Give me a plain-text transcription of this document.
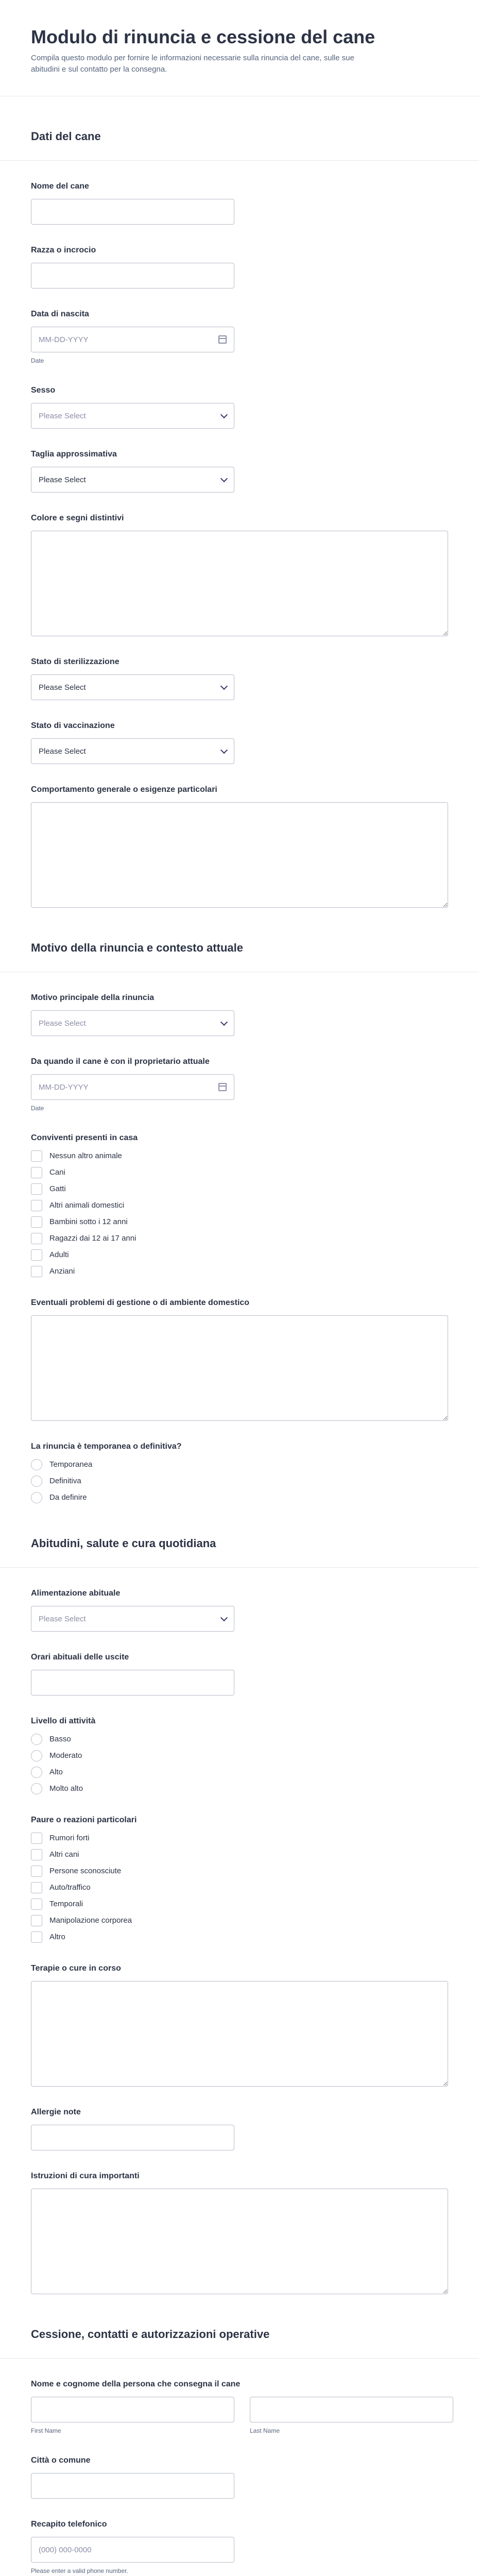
Modulo di rinuncia e cessione del cane

Compila questo modulo per fornire le informazioni necessarie sulla rinuncia del cane, sulle sue abitudini e sul contatto per la consegna.

Dati del cane
Nome del cane
Razza o incrocio
Data di nascita
MM-DD-YYYY
Date
Sesso
Please Select
Taglia approssimativa
Please Select
Colore e segni distintivi
Stato di sterilizzazione
Please Select
Stato di vaccinazione
Please Select
Comportamento generale o esigenze particolari
Motivo della rinuncia e contesto attuale
Motivo principale della rinuncia
Please Select
Da quando il cane è con il proprietario attuale
MM-DD-YYYY
Date
Conviventi presenti in casa
Nessun altro animale
Cani
Gatti
Altri animali domestici
Bambini sotto i 12 anni
Ragazzi dai 12 ai 17 anni
Adulti
Anziani
Eventuali problemi di gestione o di ambiente domestico
La rinuncia è temporanea o definitiva?
Temporanea
Definitiva
Da definire
Abitudini, salute e cura quotidiana
Alimentazione abituale
Please Select
Orari abituali delle uscite
Livello di attività
Basso
Moderato
Alto
Molto alto
Paure o reazioni particolari
Rumori forti
Altri cani
Persone sconosciute
Auto/traffico
Temporali
Manipolazione corporea
Altro
Terapie o cure in corso
Allergie note
Istruzioni di cura importanti
Cessione, contatti e autorizzazioni operative
Nome e cognome della persona che consegna il cane
First Name	Last Name
Città o comune
Recapito telefonico
(000) 000-0000
Please enter a valid phone number.
